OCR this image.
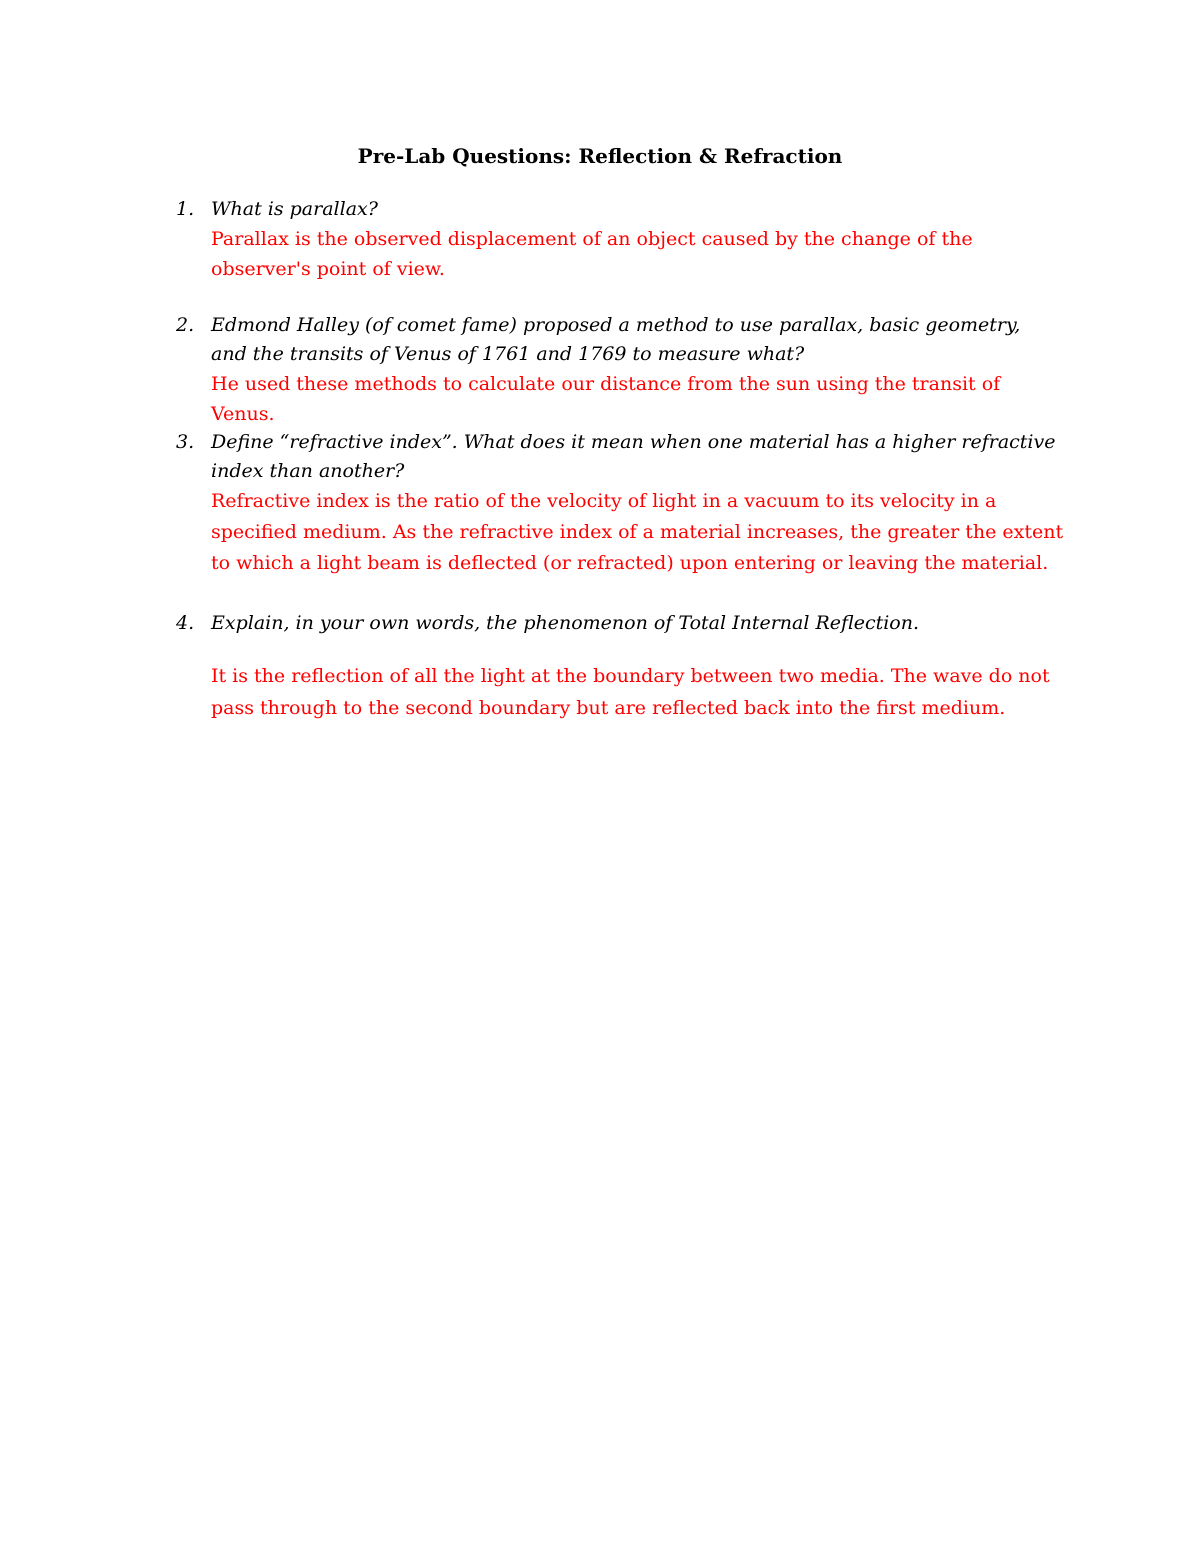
Pre-Lab Questions: Reflection & Refraction
1. What is parallax?

Parallax is the observed displacement of an object caused by the change of the observer's point of view.

2. Edmond Halley (of comet fame) proposed a method to use parallax, basic geometry, and the transits of Venus of 1761 and 1769 to measure what?

He used these methods to calculate our distance from the sun using the transit of Venus.

3. Define “refractive index”. What does it mean when one material has a higher refractive index than another?

Refractive index is the ratio of the velocity of light in a vacuum to its velocity in a specified medium. As the refractive index of a material increases, the greater the extent to which a light beam is deflected (or refracted) upon entering or leaving the material.

4. Explain, in your own words, the phenomenon of Total Internal Reflection.

It is the reflection of all the light at the boundary between two media. The wave do not pass through to the second boundary but are reflected back into the first medium.
